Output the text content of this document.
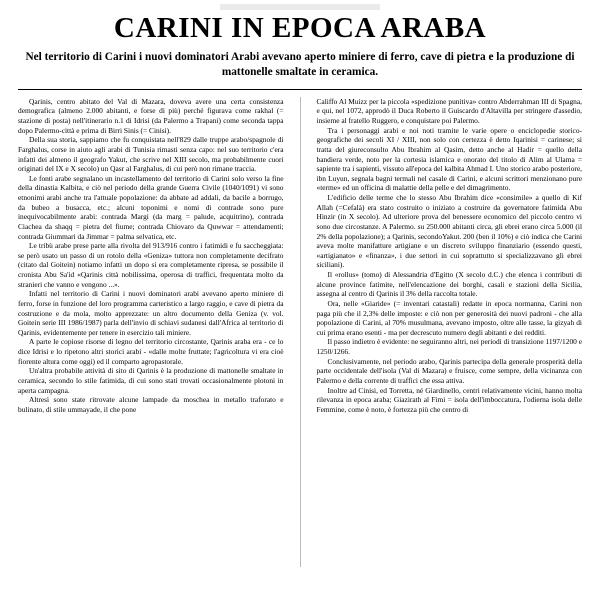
CARINI IN EPOCA ARABA
Nel territorio di Carini i nuovi dominatori Arabi avevano aperto miniere di ferro, cave di pietra e la produzione di mattonelle smaltate in ceramica.

Qarinis, centro abitato del Val di Mazara, doveva avere una certa consistenza demografica (almeno 2.000 abitanti, e forse di più) perché figurava come rakhal (= stazione di posta) nell'itinerario n.1 di Idrisi (da Palermo a Trapani) come seconda tappa dopo Palermo-città e prima di Birri Sinis (= Cinisi).

Della sua storia, sappiamo che fu conquistata nell'829 dalle truppe arabo/spagnole di Farghalus, corse in aiuto agli arabi di Tunisia rimasti senza capo: nel suo territorio c'era infatti dei almeno il geografo Yakut, che scrive nel XIII secolo, ma probabilmente cuori originati del IX e X secolo) un Qasr al Farghalus, di cui però non rimane traccia.

Le fonti arabe segnalano un incastellamento del territorio di Carini solo verso la fine della dinastia Kalbita, e ciò nel periodo della grande Guerra Civile (1040/1091) vi sono etnonimi arabi anche tra l'attuale popolazione: da abbate ad addali, da bacile a borrugo, da bubeo a busacca, etc.; alcuni toponimi e nomi di contrade sono pure inequivocabilmente arabi: contrada Margi (da marg = palude, acquitrino), contrada Ciachea da shaqq = pietra del fiume; contrada Chiovaro da Quwwar = attendamenti; contrada Giummari da Jimmar = palma selvatica, etc.

Le tribù arabe prese parte alla rivolta del 913/916 contro i fatimidi e fu saccheggiata: se però usato un passo di un rotolo della «Geniza» tuttora non completamente decifrato (citato dal Goitein) notiamo infatti un dopo si era completamente ripresa, se possibile il cronista Abu Sa'id «Qarinis città nobilissima, operosa di traffici, frequentata molto da stranieri che vanno e vengono ...».

Infatti nel territorio di Carini i nuovi dominatori arabi avevano aperto miniere di ferro, forse in funzione del loro programma carteristico a largo raggio, e cave di pietra da costruzione e da mola, molto apprezzate: un altro documento della Geniza (v. vol. Goitein serie III 1986/1987) parla dell'invio di schiavi sudanesi dall'Africa al territorio di Qarinis, evidentemente per tenere in esercizio tali miniere.

A parte le copiose risorse di legno del territorio circostante, Qarinis araba era - ce lo dice Idrisi e lo ripetono altri storici arabi - «dalle molte fruttate; l'agricoltura vi era cioè fiorente altura come oggi) ed il comparto agropastorale.

Un'altra probabile attività di sito di Qarinis è la produzione di mattonelle smaltate in ceramica, secondo lo stile fatimida, di cui sono stati trovati occasionalmente plotoni in aperta campagna.

Altresì sono state ritrovate alcune lampade da moschea in metallo traforato e bulinato, di stile ummayade, il che pone

Califfo Al Muizz per la piccola «spedizione punitiva» contro Abderrahman III di Spagna, e qui, nel 1072, approdò il Duca Roberto il Guiscardo d'Altavilla per stringere d'assedio, insieme al fratello Ruggero, e conquistare poi Palermo.

Tra i personaggi arabi e noi noti tramite le varie opere o enciclopedie storico-geografiche dei secoli XI / XIII, non solo con certezza è detto Iqarinisi = carinese; si tratta del giureconsulto Abu Ibrahim al Qasim, detto anche al Hadir = quello della bandiera verde, noto per la cortesia islamica e onorato del titolo di Alim al Ulama = sapiente tra i sapienti, vissuto all'epoca del kalbita Ahmad I. Uno storico arabo posteriore, ibn Luyun, segnala bagni termali nel casale di Carini, e alcuni scrittori menzionano pure «terme» ed un officina di malattie della pelle e del dimagrimento.

L'edificio delle terme che lo stesso Abu Ibrahim dice «consimile» a quello di Kif Allah (=Cefalà) era stato costruito o iniziato a costruire da governatore fatimida Abu Hinzir (in X secolo). Ad ulteriore prova del benessere economico del piccolo centro vi sono due circostanze. A Palermo. su 250.000 abitanti circa, gli ebrei erano circa 5.000 (il 2% della popolazione); a Qarinis, secondoYakut. 200 (ben il 10%) e ciò indica che Carini aveva molte manifatture artigiane e un discreto sviluppo finanziario (essendo questi, «artigianato» e «finanza», i due settori in cui soprattutto si specializzavano gli ebrei siciliani).

Il «rollus» (tomo) di Alessandria d'Egitto (X secolo d.C.) che elenca i contributi di alcune province fatimite, nell'elencazione dei borghi, casali e stazioni della Sicilia, assegna al centro di Qarinis il 3% della raccolta totale.

Ora, nelle «Giaride» (= inventari catastali) redatte in epoca normanna, Carini non paga più che il 2,3% delle imposte: e ciò non per generosità dei nuovi padroni - che alla popolazione di Carini, al 70% musulmana, avevano imposto, oltre alle tasse, la gizyah di cui prima erano esenti - ma per decrescuto numero degli abitanti e dei redditi.

Il passo indietro è evidente: ne seguiranno altri, nei periodi di transizione 1197/1200 e 1250/1266.

Conclusivamente, nel periodo arabo, Qarinis partecipa della generale prosperità della parte occidentale dell'isola (Val di Mazara) e fruisce, come sempre, della vicinanza con Palermo e della corrente di traffici che essa attiva.

Inoltre ad Cinisi, ed Torretta, né Giardinello, centri relativamente vicini, hanno molta rilevanza in epoca araba; Giazirath al Fimi = isola dell'imboccatura, l'odierna isola delle Femmine, come è noto, è fortezza più che centro di
